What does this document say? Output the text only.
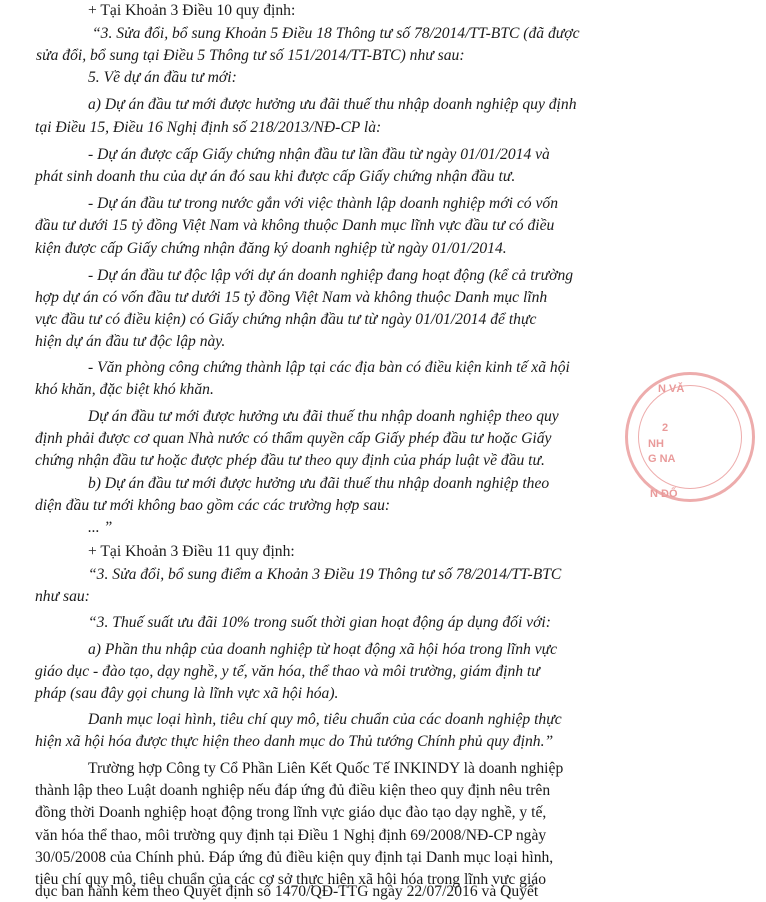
+ Tại Khoản 3 Điều 10 quy định:
“3. Sửa đổi, bổ sung Khoản 5 Điều 18 Thông tư số 78/2014/TT-BTC (đã được
sửa đổi, bổ sung tại Điều 5 Thông tư số 151/2014/TT-BTC) như sau:
5. Về dự án đầu tư mới:
a) Dự án đầu tư mới được hưởng ưu đãi thuế thu nhập doanh nghiệp quy định
tại Điều 15, Điều 16 Nghị định số 218/2013/NĐ-CP là:
- Dự án được cấp Giấy chứng nhận đầu tư lần đầu từ ngày 01/01/2014 và
phát sinh doanh thu của dự án đó sau khi được cấp Giấy chứng nhận đầu tư.
- Dự án đầu tư trong nước gắn với việc thành lập doanh nghiệp mới có vốn
đầu tư dưới 15 tỷ đồng Việt Nam và không thuộc Danh mục lĩnh vực đầu tư có điều
kiện được cấp Giấy chứng nhận đăng ký doanh nghiệp từ ngày 01/01/2014.
- Dự án đầu tư độc lập với dự án doanh nghiệp đang hoạt động (kể cả trường
hợp dự án có vốn đầu tư dưới 15 tỷ đồng Việt Nam và không thuộc Danh mục lĩnh
vực đầu tư có điều kiện) có Giấy chứng nhận đầu tư từ ngày 01/01/2014 để thực
hiện dự án đầu tư độc lập này.
- Văn phòng công chứng thành lập tại các địa bàn có điều kiện kinh tế xã hội
khó khăn, đặc biệt khó khăn.
Dự án đầu tư mới được hưởng ưu đãi thuế thu nhập doanh nghiệp theo quy
định phải được cơ quan Nhà nước có thẩm quyền cấp Giấy phép đầu tư hoặc Giấy
chứng nhận đầu tư hoặc được phép đầu tư theo quy định của pháp luật về đầu tư.
b) Dự án đầu tư mới được hưởng ưu đãi thuế thu nhập doanh nghiệp theo
diện đầu tư mới không bao gồm các các trường hợp sau:
... ”
+ Tại Khoản 3 Điều 11 quy định:
“3. Sửa đổi, bổ sung điểm a Khoản 3 Điều 19 Thông tư số 78/2014/TT-BTC
như sau:
“3. Thuế suất ưu đãi 10% trong suốt thời gian hoạt động áp dụng đối với:
a) Phần thu nhập của doanh nghiệp từ hoạt động xã hội hóa trong lĩnh vực
giáo dục - đào tạo, dạy nghề, y tế, văn hóa, thể thao và môi trường, giám định tư
pháp (sau đây gọi chung là lĩnh vực xã hội hóa).
Danh mục loại hình, tiêu chí quy mô, tiêu chuẩn của các doanh nghiệp thực
hiện xã hội hóa được thực hiện theo danh mục do Thủ tướng Chính phủ quy định.”
Trường hợp Công ty Cổ Phần Liên Kết Quốc Tế INKINDY là doanh nghiệp
thành lập theo Luật doanh nghiệp nếu đáp ứng đủ điều kiện theo quy định nêu trên
đồng thời Doanh nghiệp hoạt động trong lĩnh vực giáo dục đào tạo dạy nghề, y tế,
văn hóa thể thao, môi trường quy định tại Điều 1 Nghị định 69/2008/NĐ-CP ngày
30/05/2008 của Chính phủ. Đáp ứng đủ điều kiện quy định tại Danh mục loại hình,
tiêu chí quy mô, tiêu chuẩn của các cơ sở thực hiện xã hội hóa trong lĩnh vực giáo
dục ban hành kèm theo Quyết định số 1470/QĐ-TTG ngày 22/07/2016 và Quyết
N VĂ
2
NH
G NA
N ĐỐ
